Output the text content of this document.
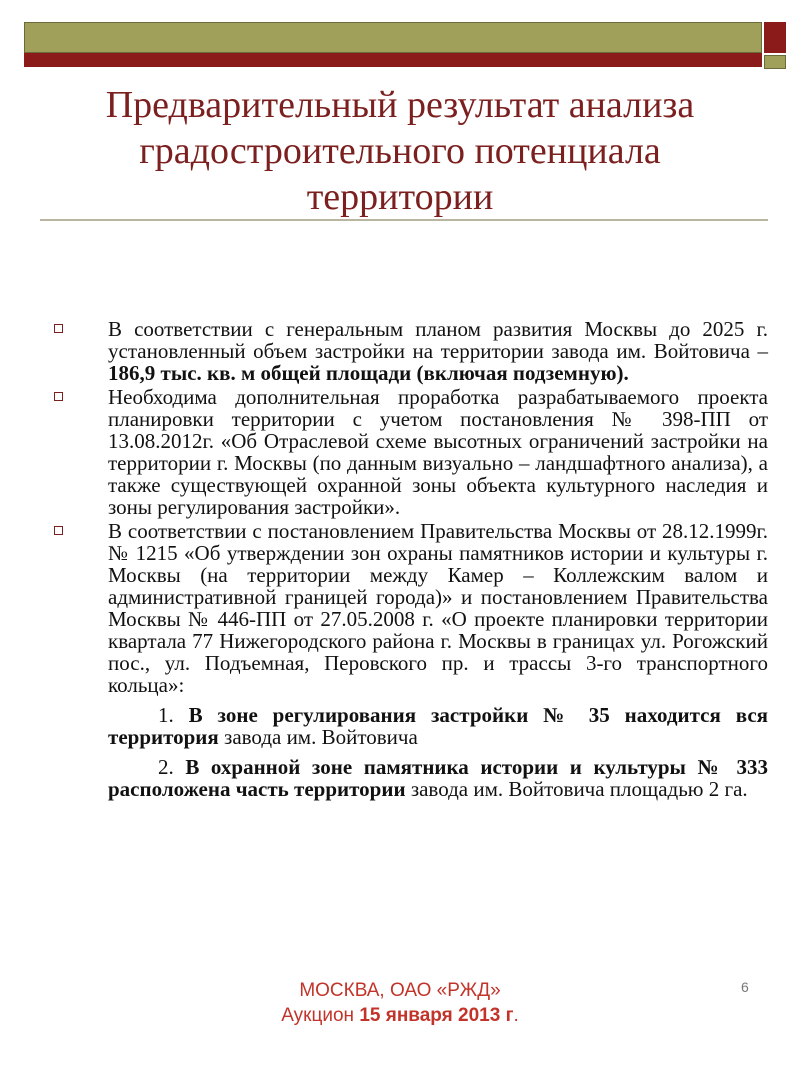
Предварительный результат анализа
градостроительного потенциала
территории

В соответствии с генеральным планом развития Москвы до 2025 г. установленный объем застройки на территории завода им. Войтовича – 186,9 тыс. кв. м общей площади (включая подземную).

Необходима дополнительная проработка разрабатываемого проекта планировки территории с учетом постановления № 398-ПП от 13.08.2012г. «Об Отраслевой схеме высотных ограничений застройки на территории г. Москвы (по данным визуально – ландшафтного анализа), а также существующей охранной зоны объекта культурного наследия и зоны регулирования застройки».

В соответствии с постановлением Правительства Москвы от 28.12.1999г. № 1215 «Об утверждении зон охраны памятников истории и культуры г. Москвы (на территории между Камер – Коллежским валом и административной границей города)» и постановлением Правительства Москвы № 446-ПП от 27.05.2008 г. «О проекте планировки территории квартала 77 Нижегородского района г. Москвы в границах ул. Рогожский пос., ул. Подъемная, Перовского пр. и трассы 3-го транспортного кольца»:

1. В зоне регулирования застройки № 35 находится вся территория завода им. Войтовича

2. В охранной зоне памятника истории и культуры № 333 расположена часть территории завода им. Войтовича площадью 2 га.

МОСКВА, ОАО «РЖД»
Аукцион 15 января 2013 г.
6
